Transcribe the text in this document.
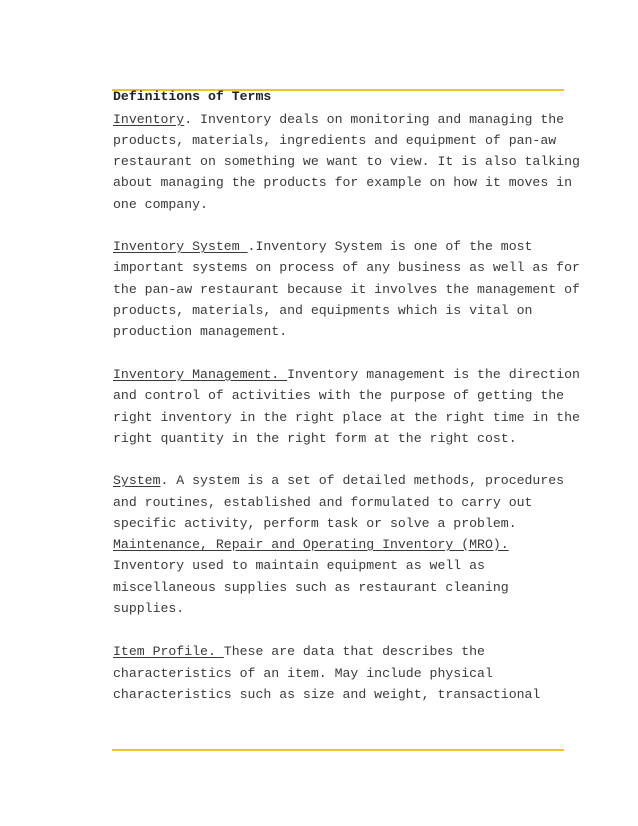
Definitions of Terms
Inventory. Inventory deals on monitoring and managing the
products, materials, ingredients and equipment of pan-aw
restaurant on something we want to view. It is also talking
about managing the products for example on how it moves in
one company.
Inventory System .Inventory System is one of the most
important systems on process of any business as well as for
the pan-aw restaurant because it involves the management of
products, materials, and equipments which is vital on
production management.
Inventory Management. Inventory management is the direction
and control of activities with the purpose of getting the
right inventory in the right place at the right time in the
right quantity in the right form at the right cost.
System. A system is a set of detailed methods, procedures
and routines, established and formulated to carry out
specific activity, perform task or solve a problem.
Maintenance, Repair and Operating Inventory (MRO).
Inventory used to maintain equipment as well as
miscellaneous supplies such as restaurant cleaning
supplies.
Item Profile. These are data that describes the
characteristics of an item. May include physical
characteristics such as size and weight, transactional
